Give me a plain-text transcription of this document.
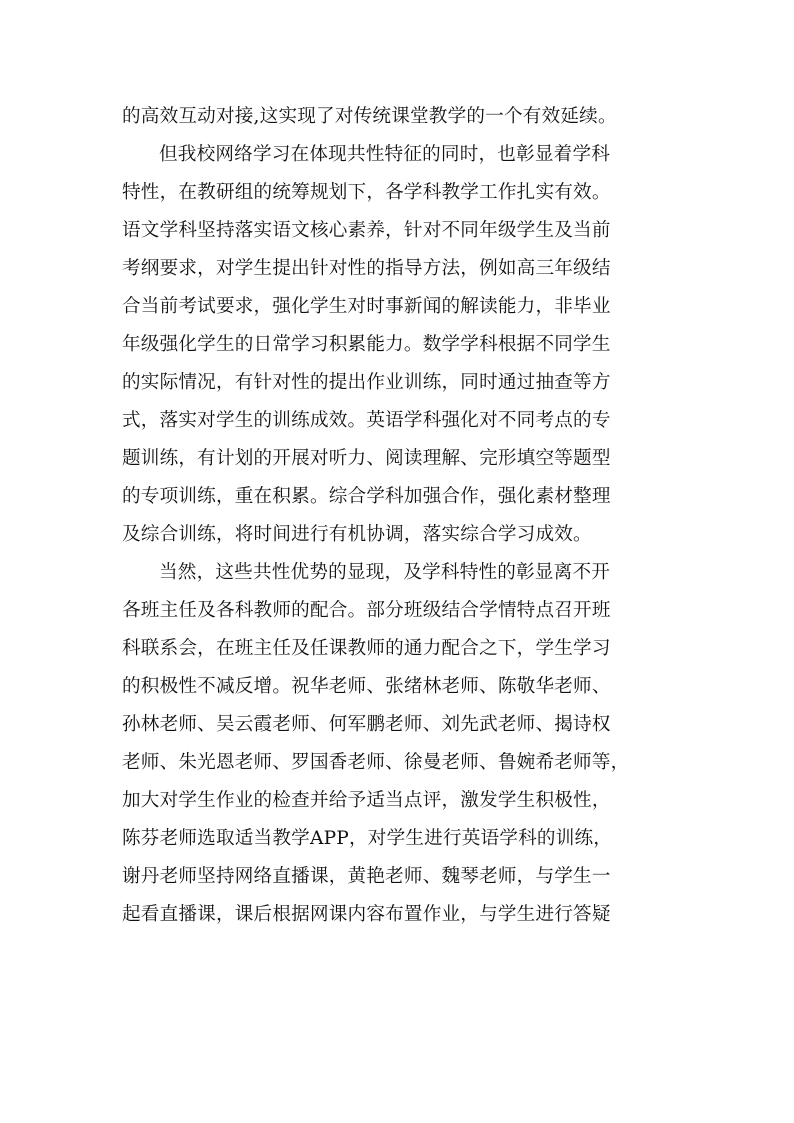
的高效互动对接,这实现了对传统课堂教学的一个有效延续。
但我校网络学习在体现共性特征的同时，也彰显着学科
特性，在教研组的统筹规划下，各学科教学工作扎实有效。
语文学科坚持落实语文核心素养，针对不同年级学生及当前
考纲要求，对学生提出针对性的指导方法，例如高三年级结
合当前考试要求，强化学生对时事新闻的解读能力，非毕业
年级强化学生的日常学习积累能力。数学学科根据不同学生
的实际情况，有针对性的提出作业训练，同时通过抽查等方
式，落实对学生的训练成效。英语学科强化对不同考点的专
题训练，有计划的开展对听力、阅读理解、完形填空等题型
的专项训练，重在积累。综合学科加强合作，强化素材整理
及综合训练，将时间进行有机协调，落实综合学习成效。
当然，这些共性优势的显现，及学科特性的彰显离不开
各班主任及各科教师的配合。部分班级结合学情特点召开班
科联系会，在班主任及任课教师的通力配合之下，学生学习
的积极性不减反增。祝华老师、张绪林老师、陈敬华老师、
孙林老师、吴云霞老师、何军鹏老师、刘先武老师、揭诗权
老师、朱光恩老师、罗国香老师、徐曼老师、鲁婉希老师等，
加大对学生作业的检查并给予适当点评，激发学生积极性，
陈芬老师选取适当教学APP，对学生进行英语学科的训练，
谢丹老师坚持网络直播课，黄艳老师、魏琴老师，与学生一
起看直播课，课后根据网课内容布置作业，与学生进行答疑
